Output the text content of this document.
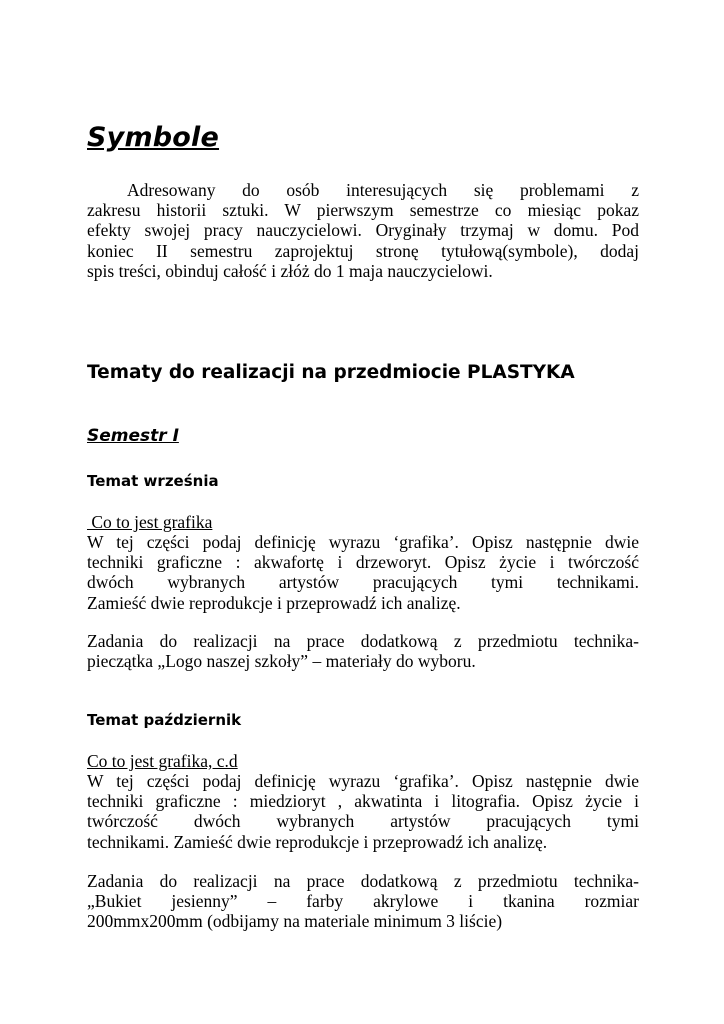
Symbole
Adresowany do osób interesujących się problemami z
zakresu historii sztuki. W pierwszym semestrze co miesiąc pokaz
efekty swojej pracy nauczycielowi. Oryginały trzymaj w domu. Pod
koniec II semestru zaprojektuj stronę tytułową(symbole), dodaj
spis treści, obinduj całość i złóż do 1 maja nauczycielowi.
Tematy do realizacji na przedmiocie PLASTYKA
Semestr I
Temat września

Co to jest grafika

W tej części podaj definicję wyrazu ‘grafika’. Opisz następnie dwie
techniki graficzne : akwafortę i drzeworyt. Opisz życie i twórczość
dwóch wybranych artystów pracujących tymi technikami.
Zamieść dwie reprodukcje i przeprowadź ich analizę.
Zadania do realizacji na prace dodatkową z przedmiotu technika-
pieczątka „Logo naszej szkoły” – materiały do wyboru.
Temat październik

Co to jest grafika, c.d

W tej części podaj definicję wyrazu ‘grafika’. Opisz następnie dwie
techniki graficzne : miedzioryt , akwatinta i litografia. Opisz życie i
twórczość dwóch wybranych artystów pracujących tymi
technikami. Zamieść dwie reprodukcje i przeprowadź ich analizę.
Zadania do realizacji na prace dodatkową z przedmiotu technika-
„Bukiet jesienny” – farby akrylowe i tkanina rozmiar
200mmx200mm (odbijamy na materiale minimum 3 liście)
